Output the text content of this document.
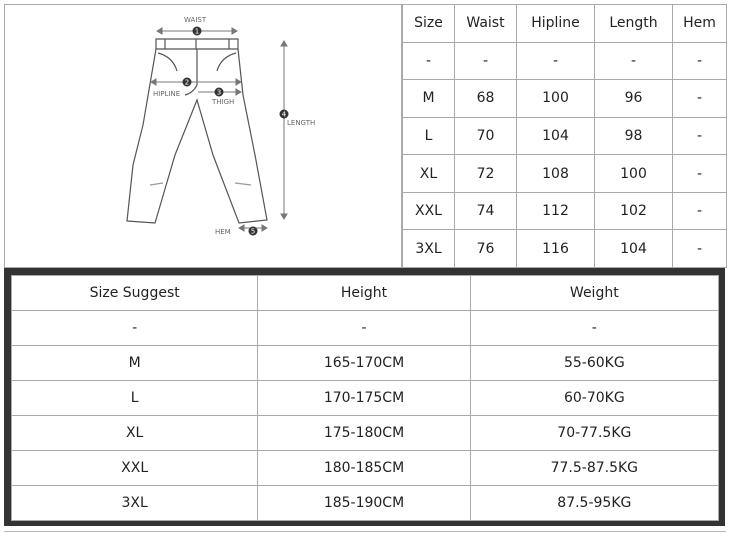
1
2
3
4
5
WAIST
HIPLINE
THIGH
LENGTH
HEM
Size	Waist	Hipline	Length	Hem
-	-	-	-	-
M	68	100	96	-
L	70	104	98	-
XL	72	108	100	-
XXL	74	112	102	-
3XL	76	116	104	-
Size Suggest	Height	Weight
-	-	-
M	165-170CM	55-60KG
L	170-175CM	60-70KG
XL	175-180CM	70-77.5KG
XXL	180-185CM	77.5-87.5KG
3XL	185-190CM	87.5-95KG
